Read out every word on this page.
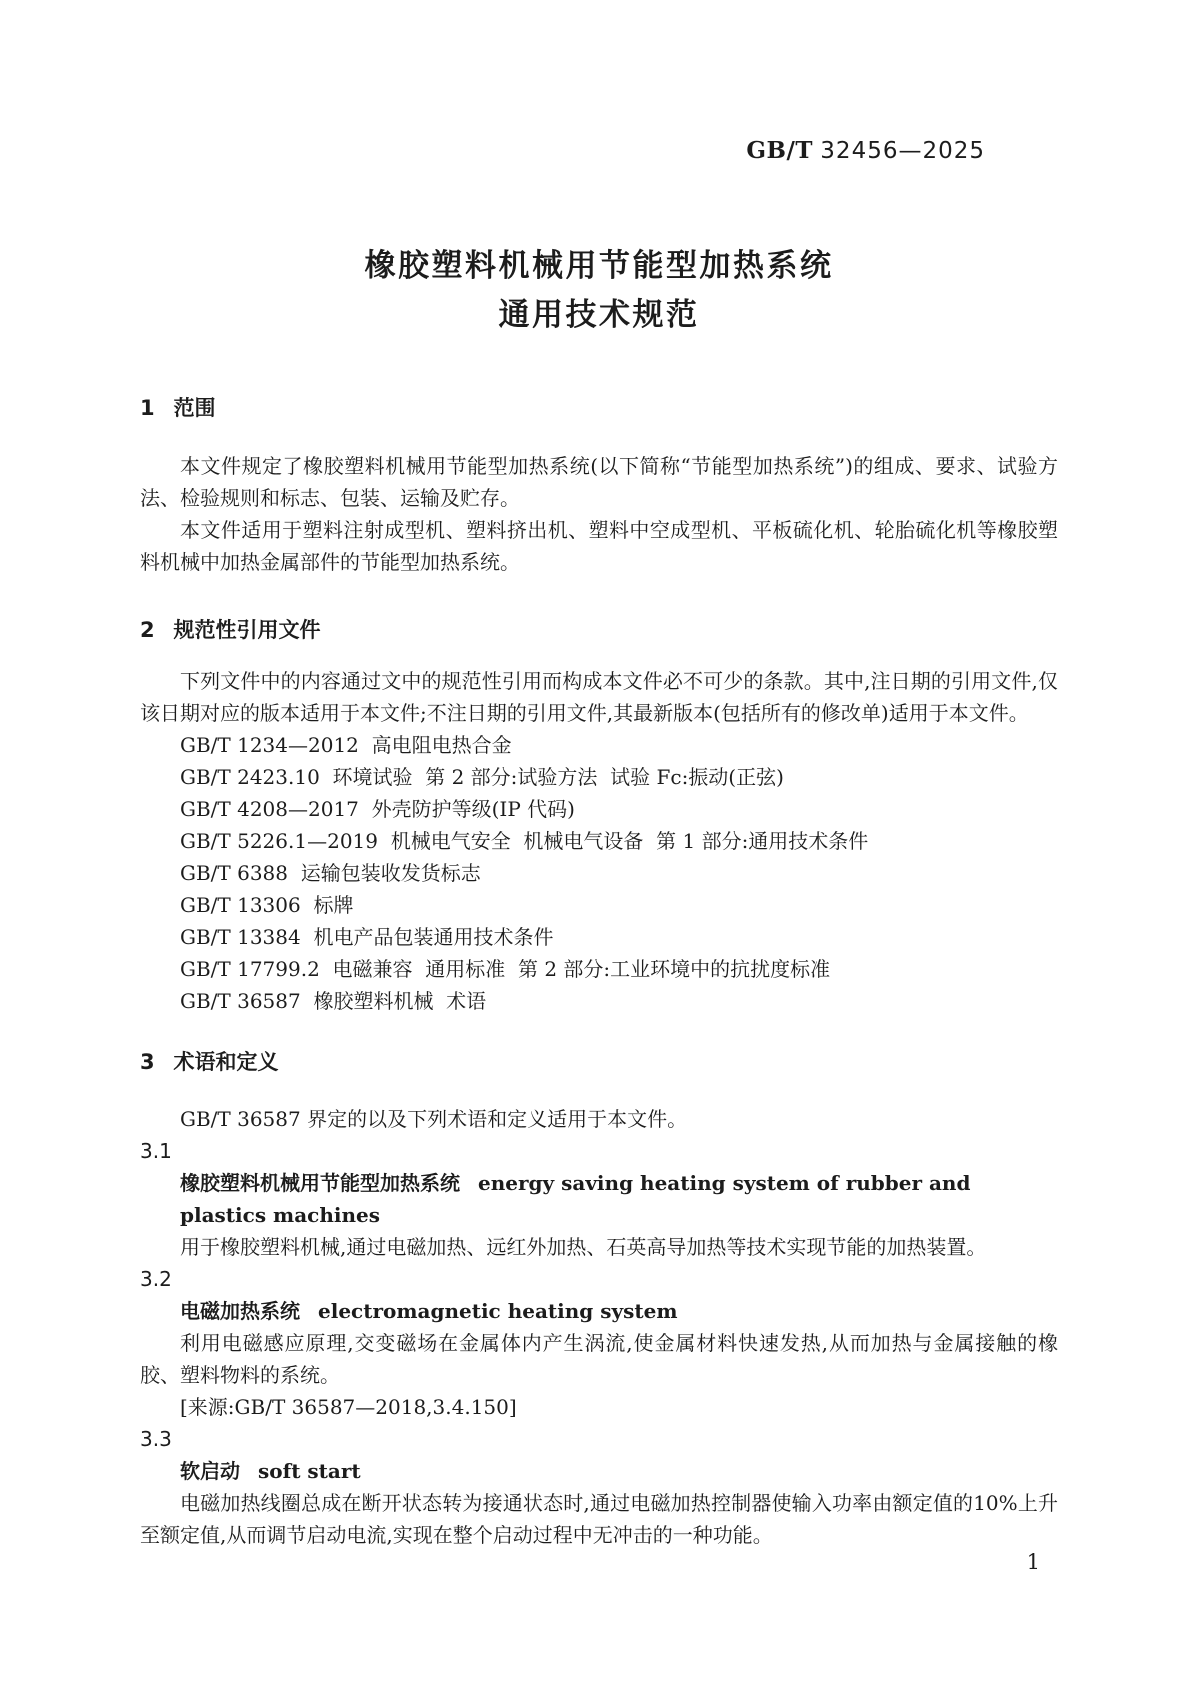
GB/T 32456—2025
橡胶塑料机械用节能型加热系统
通用技术规范
1 范围

本文件规定了橡胶塑料机械用节能型加热系统(以下简称“节能型加热系统”)的组成、要求、试验方法、检验规则和标志、包装、运输及贮存。

本文件适用于塑料注射成型机、塑料挤出机、塑料中空成型机、平板硫化机、轮胎硫化机等橡胶塑料机械中加热金属部件的节能型加热系统。

2 规范性引用文件

下列文件中的内容通过文中的规范性引用而构成本文件必不可少的条款。其中,注日期的引用文件,仅该日期对应的版本适用于本文件;不注日期的引用文件,其最新版本(包括所有的修改单)适用于本文件。

GB/T 1234—2012  高电阻电热合金
GB/T 2423.10  环境试验  第 2 部分:试验方法  试验 Fc:振动(正弦)
GB/T 4208—2017  外壳防护等级(IP 代码)
GB/T 5226.1—2019  机械电气安全  机械电气设备  第 1 部分:通用技术条件
GB/T 6388  运输包装收发货标志
GB/T 13306  标牌
GB/T 13384  机电产品包装通用技术条件
GB/T 17799.2  电磁兼容  通用标准  第 2 部分:工业环境中的抗扰度标准
GB/T 36587  橡胶塑料机械  术语
3 术语和定义

GB/T 36587 界定的以及下列术语和定义适用于本文件。

3.1
橡胶塑料机械用节能型加热系统 energy saving heating system of rubber and plastics machines

用于橡胶塑料机械,通过电磁加热、远红外加热、石英高导加热等技术实现节能的加热装置。

3.2
电磁加热系统 electromagnetic heating system

利用电磁感应原理,交变磁场在金属体内产生涡流,使金属材料快速发热,从而加热与金属接触的橡胶、塑料物料的系统。

[来源:GB/T 36587—2018,3.4.150]
3.3
软启动 soft start

电磁加热线圈总成在断开状态转为接通状态时,通过电磁加热控制器使输入功率由额定值的10%上升至额定值,从而调节启动电流,实现在整个启动过程中无冲击的一种功能。

1
